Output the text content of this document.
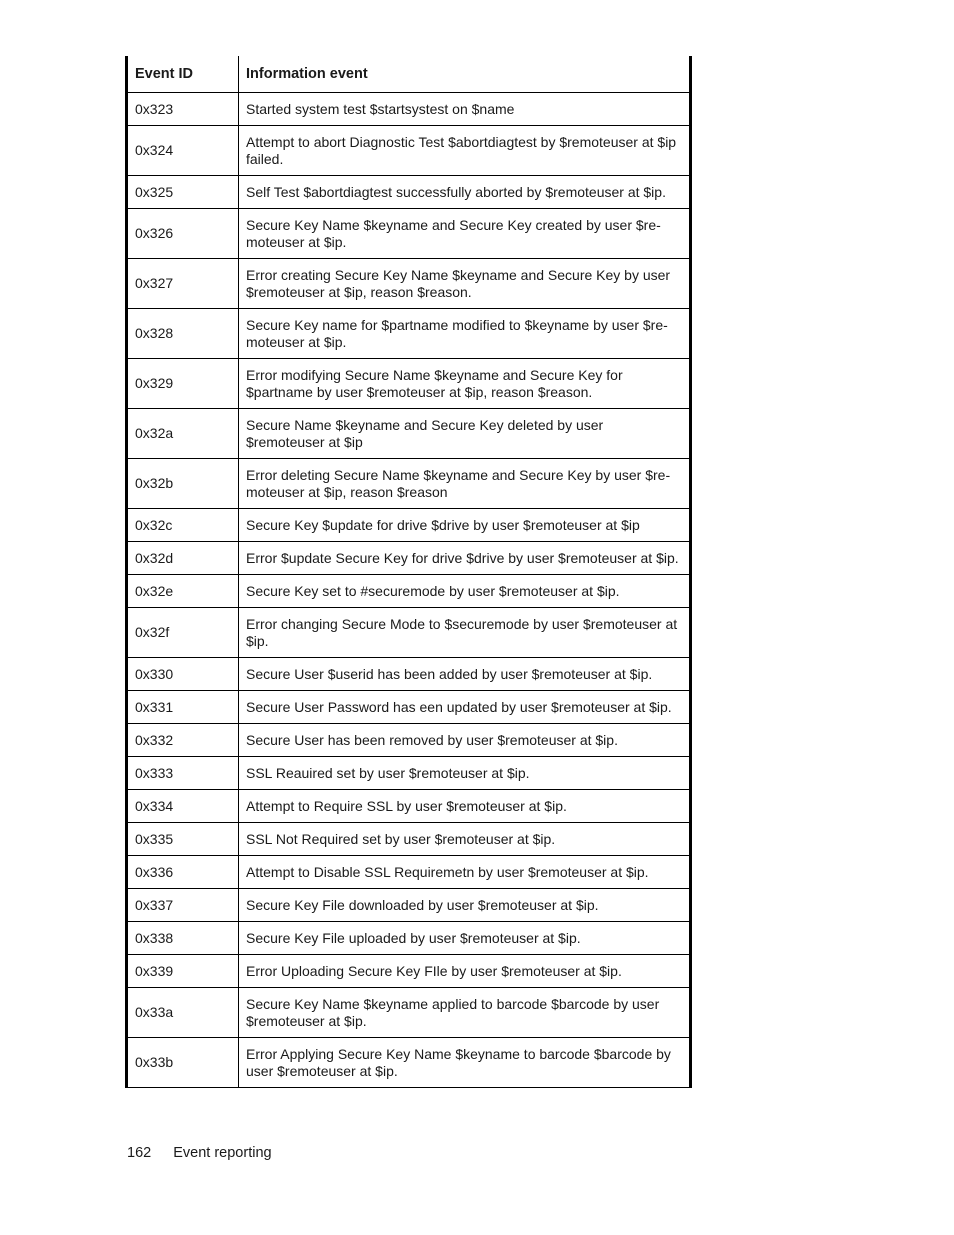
Event ID	Information event
0x323	Started system test $startsystest on $name
0x324	Attempt to abort Diagnostic Test $abortdiagtest by $remoteuser at $ip failed.
0x325	Self Test $abortdiagtest successfully aborted by $remoteuser at $ip.
0x326	Secure Key Name $keyname and Secure Key created by user $re-moteuser at $ip.
0x327	Error creating Secure Key Name $keyname and Secure Key by user $remoteuser at $ip, reason $reason.
0x328	Secure Key name for $partname modified to $keyname by user $re-moteuser at $ip.
0x329	Error modifying Secure Name $keyname and Secure Key for $partname by user $remoteuser at $ip, reason $reason.
0x32a	Secure Name $keyname and Secure Key deleted by user $remoteuser at $ip
0x32b	Error deleting Secure Name $keyname and Secure Key by user $re-moteuser at $ip, reason $reason
0x32c	Secure Key $update for drive $drive by user $remoteuser at $ip
0x32d	Error $update Secure Key for drive $drive by user $remoteuser at $ip.
0x32e	Secure Key set to #securemode by user $remoteuser at $ip.
0x32f	Error changing Secure Mode to $securemode by user $remoteuser at $ip.
0x330	Secure User $userid has been added by user $remoteuser at $ip.
0x331	Secure User Password has een updated by user $remoteuser at $ip.
0x332	Secure User has been removed by user $remoteuser at $ip.
0x333	SSL Reauired set by user $remoteuser at $ip.
0x334	Attempt to Require SSL by user $remoteuser at $ip.
0x335	SSL Not Required set by user $remoteuser at $ip.
0x336	Attempt to Disable SSL Requiremetn by user $remoteuser at $ip.
0x337	Secure Key File downloaded by user $remoteuser at $ip.
0x338	Secure Key File uploaded by user $remoteuser at $ip.
0x339	Error Uploading Secure Key FIle by user $remoteuser at $ip.
0x33a	Secure Key Name $keyname applied to barcode $barcode by user $remoteuser at $ip.
0x33b	Error Applying Secure Key Name $keyname to barcode $barcode by user $remoteuser at $ip.
162 Event reporting
